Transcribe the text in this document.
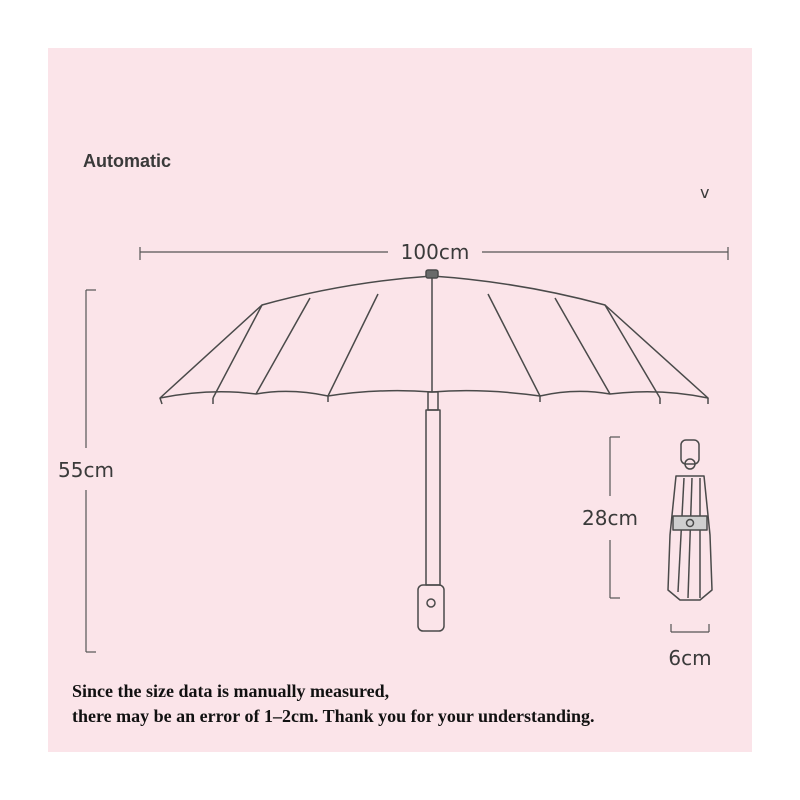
Automatic
v
100cm
55cm
28cm
6cm
Since the size data is manually measured,
there may be an error of 1–2cm. Thank you for your understanding.
